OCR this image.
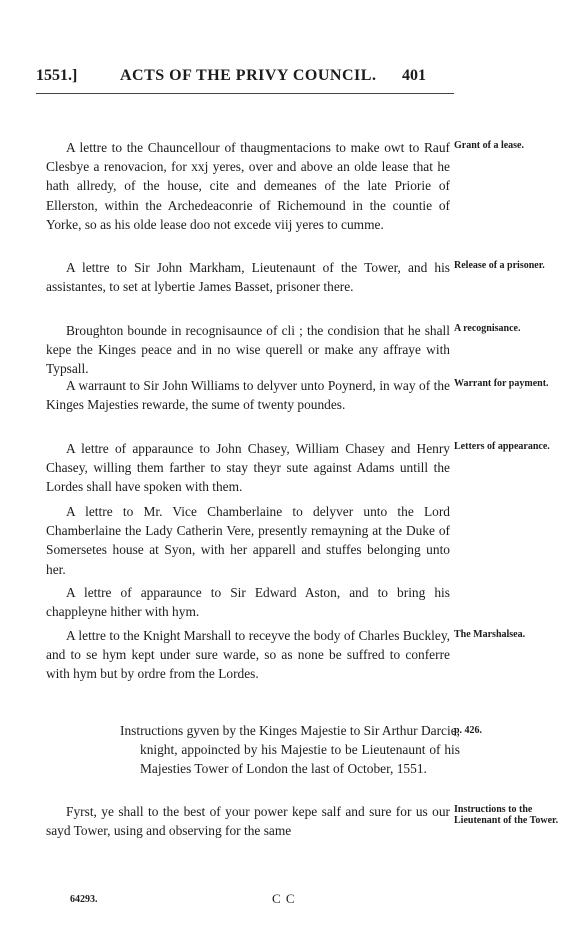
1551.]	ACTS OF THE PRIVY COUNCIL. 401

A lettre to the Chauncellour of thaugmentacions to make owt to Rauf Clesbye a renovacion, for xxj yeres, over and above an olde lease that he hath allredy, of the house, cite and demeanes of the late Priorie of Ellerston, within the Archedeaconrie of Richemound in the countie of Yorke, so as his olde lease doo not excede viij yeres to cumme.

Grant of a lease.

A lettre to Sir John Markham, Lieutenaunt of the Tower, and his assistantes, to set at lybertie James Basset, prisoner there.

Release of a prisoner.

Broughton bounde in recognisaunce of cli ; the condision that he shall kepe the Kinges peace and in no wise querell or make any affraye with Typsall.

A recognisance.

A warraunt to Sir John Williams to delyver unto Poynerd, in way of the Kinges Majesties rewarde, the sume of twenty poundes.

Warrant for payment.

A lettre of apparaunce to John Chasey, William Chasey and Henry Chasey, willing them farther to stay theyr sute against Adams untill the Lordes shall have spoken with them.

Letters of appearance.

A lettre to Mr. Vice Chamberlaine to delyver unto the Lord Chamberlaine the Lady Catherin Vere, presently remayning at the Duke of Somersetes house at Syon, with her apparell and stuffes belonging unto her.

A lettre of apparaunce to Sir Edward Aston, and to bring his chappleyne hither with hym.

A lettre to the Knight Marshall to receyve the body of Charles Buckley, and to se hym kept under sure warde, so as none be suffred to conferre with hym but by ordre from the Lordes.

The Marshalsea.

Instructions gyven by the Kinges Majestie to Sir Arthur Darcie, knight, appoincted by his Majestie to be Lieutenaunt of his Majesties Tower of London the last of October, 1551.

p. 426.

Fyrst, ye shall to the best of your power kepe salf and sure for us our sayd Tower, using and observing for the same

Instructions to the Lieutenant of the Tower.
64293.	C C
